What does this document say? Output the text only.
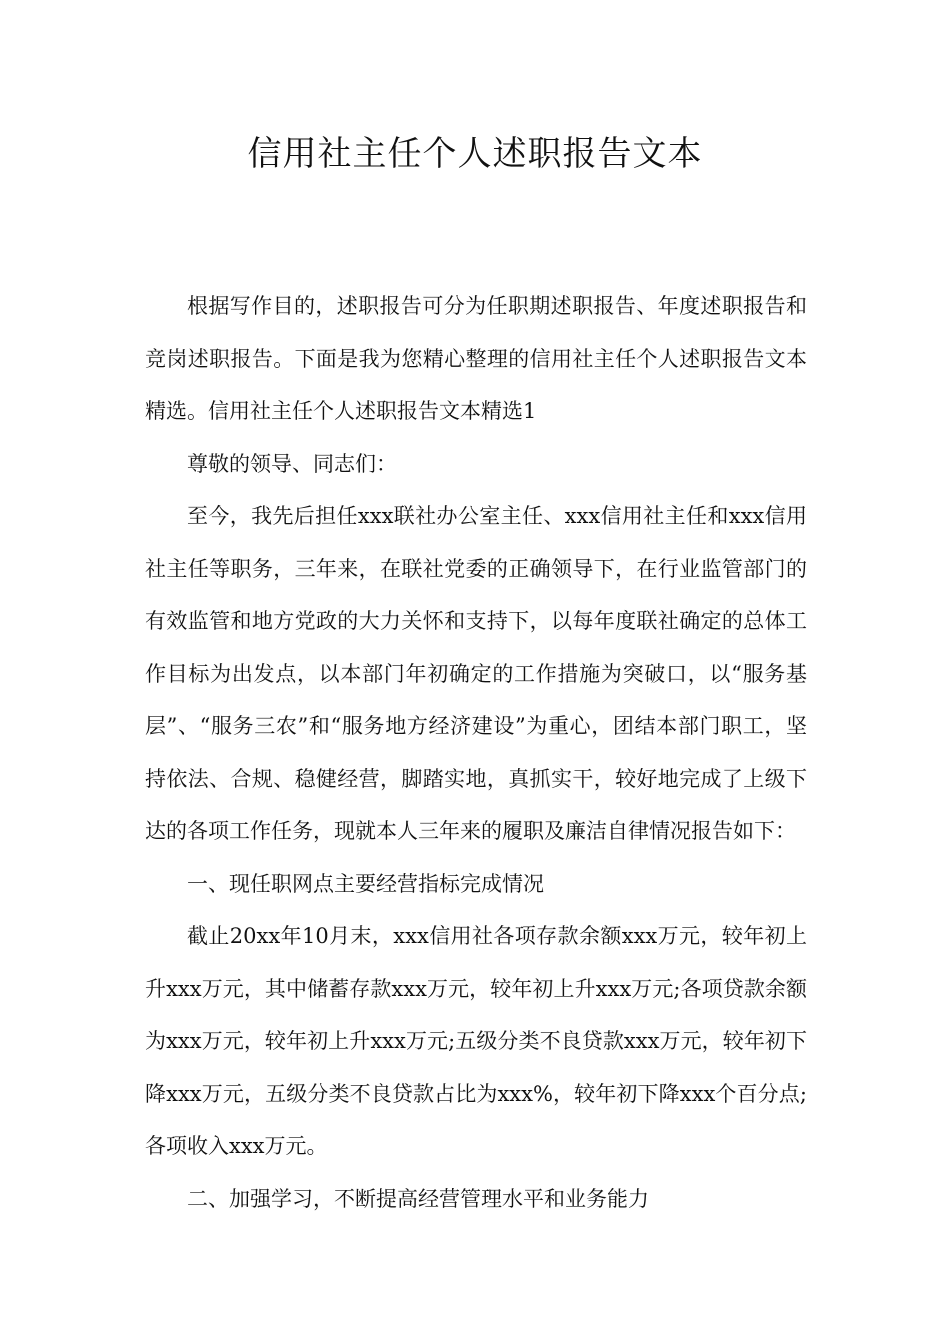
信用社主任个人述职报告文本

根据写作目的，述职报告可分为任职期述职报告、年度述职报告和竞岗述职报告。下面是我为您精心整理的信用社主任个人述职报告文本精选。信用社主任个人述职报告文本精选1

尊敬的领导、同志们：

至今，我先后担任xxx联社办公室主任、xxx信用社主任和xxx信用社主任等职务，三年来，在联社党委的正确领导下，在行业监管部门的有效监管和地方党政的大力关怀和支持下，以每年度联社确定的总体工作目标为出发点，以本部门年初确定的工作措施为突破口，以“服务基层”、“服务三农”和“服务地方经济建设”为重心，团结本部门职工，坚持依法、合规、稳健经营，脚踏实地，真抓实干，较好地完成了上级下达的各项工作任务，现就本人三年来的履职及廉洁自律情况报告如下：

一、现任职网点主要经营指标完成情况

截止20xx年10月末，xxx信用社各项存款余额xxx万元，较年初上升xxx万元，其中储蓄存款xxx万元，较年初上升xxx万元;各项贷款余额为xxx万元，较年初上升xxx万元;五级分类不良贷款xxx万元，较年初下降xxx万元，五级分类不良贷款占比为xxx%，较年初下降xxx个百分点;各项收入xxx万元。

二、加强学习，不断提高经营管理水平和业务能力
